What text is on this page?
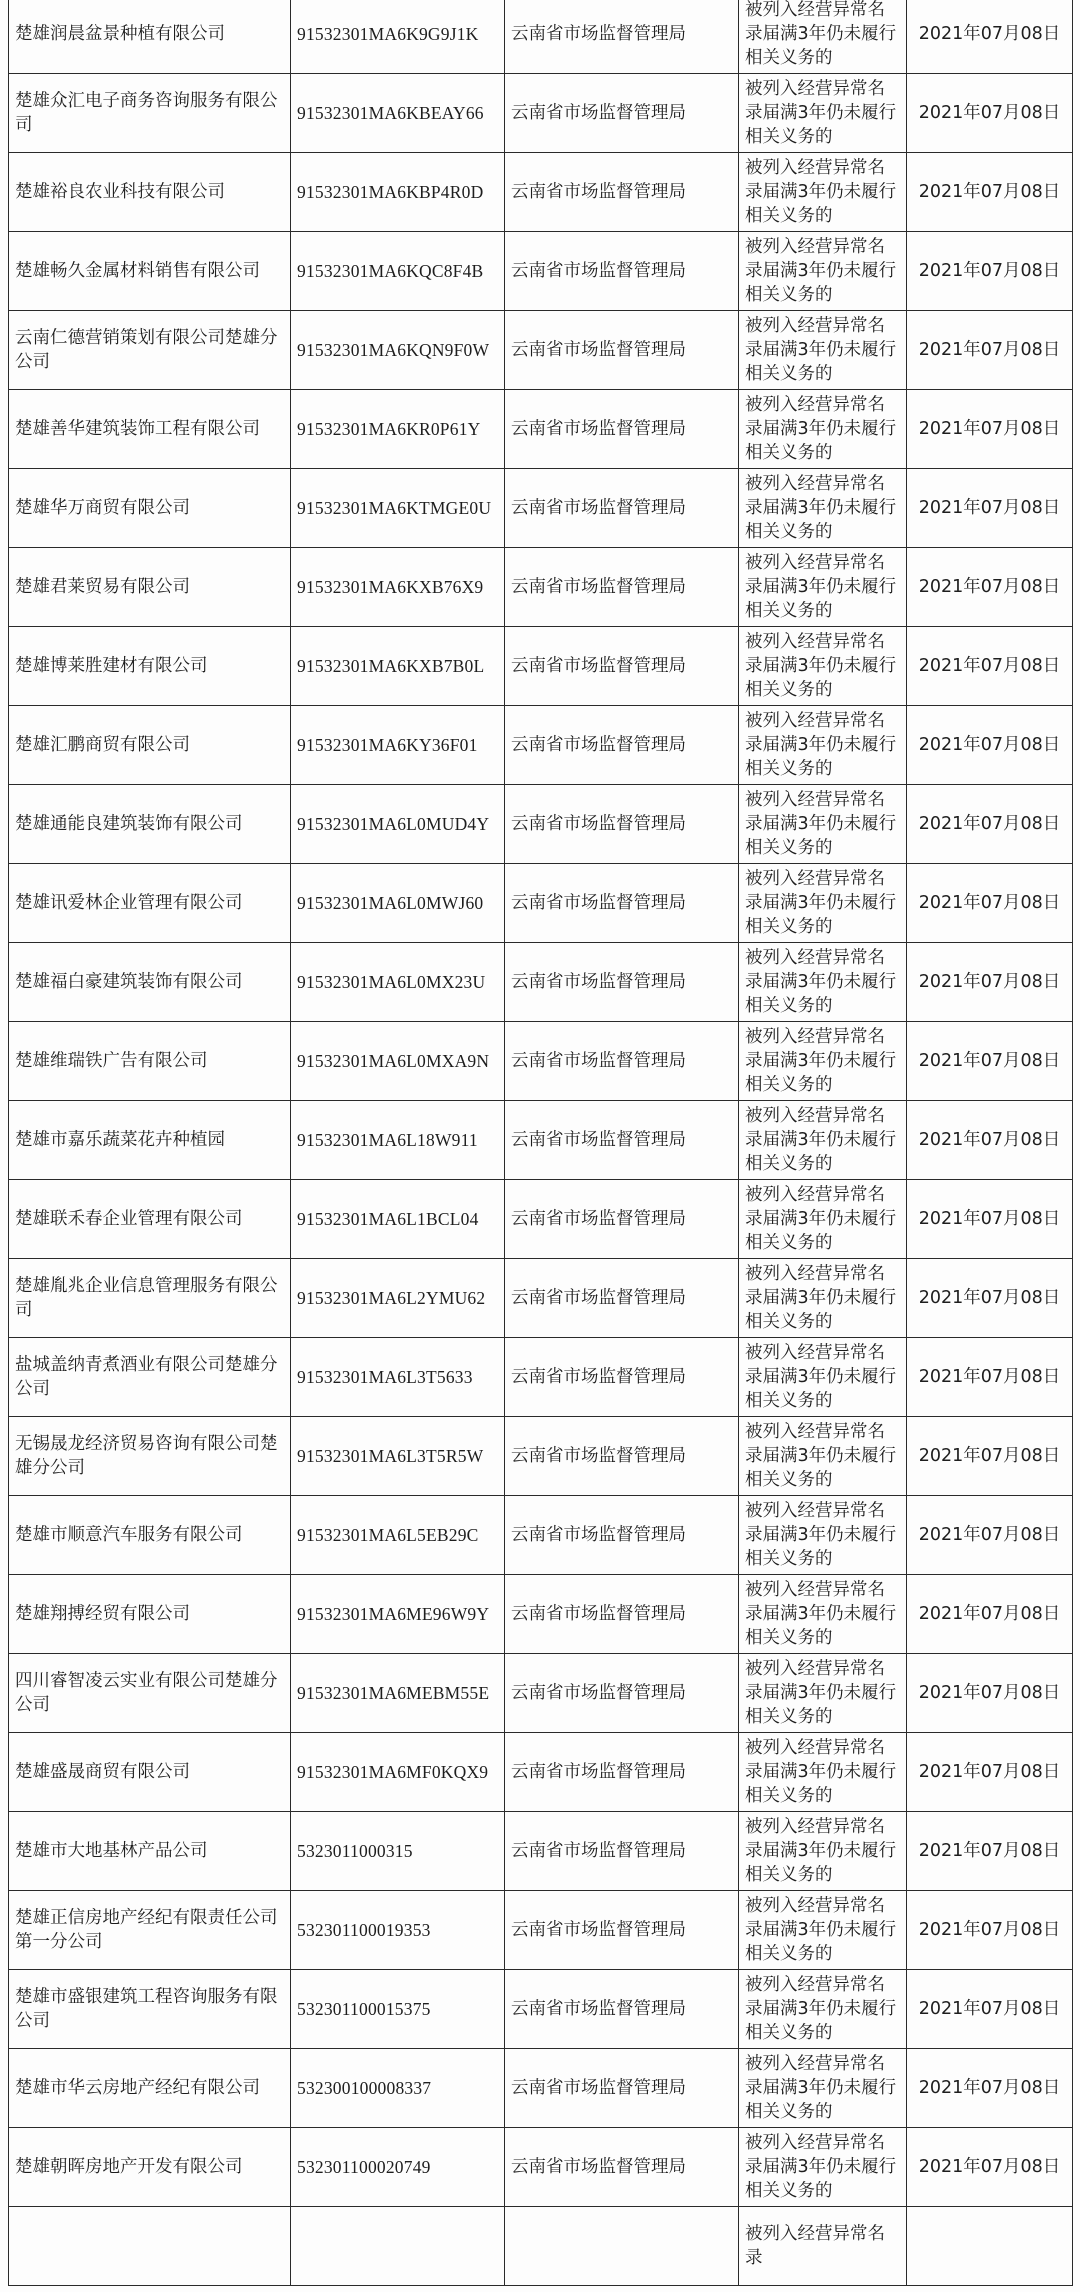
楚雄润晨盆景种植有限公司	91532301MA6K9G9J1K	云南省市场监督管理局	被列入经营异常名录届满3年仍未履行相关义务的	2021年07月08日
楚雄众汇电子商务咨询服务有限公司	91532301MA6KBEAY66	云南省市场监督管理局	被列入经营异常名录届满3年仍未履行相关义务的	2021年07月08日
楚雄裕良农业科技有限公司	91532301MA6KBP4R0D	云南省市场监督管理局	被列入经营异常名录届满3年仍未履行相关义务的	2021年07月08日
楚雄畅久金属材料销售有限公司	91532301MA6KQC8F4B	云南省市场监督管理局	被列入经营异常名录届满3年仍未履行相关义务的	2021年07月08日
云南仁德营销策划有限公司楚雄分公司	91532301MA6KQN9F0W	云南省市场监督管理局	被列入经营异常名录届满3年仍未履行相关义务的	2021年07月08日
楚雄善华建筑装饰工程有限公司	91532301MA6KR0P61Y	云南省市场监督管理局	被列入经营异常名录届满3年仍未履行相关义务的	2021年07月08日
楚雄华万商贸有限公司	91532301MA6KTMGE0U	云南省市场监督管理局	被列入经营异常名录届满3年仍未履行相关义务的	2021年07月08日
楚雄君莱贸易有限公司	91532301MA6KXB76X9	云南省市场监督管理局	被列入经营异常名录届满3年仍未履行相关义务的	2021年07月08日
楚雄博莱胜建材有限公司	91532301MA6KXB7B0L	云南省市场监督管理局	被列入经营异常名录届满3年仍未履行相关义务的	2021年07月08日
楚雄汇鹏商贸有限公司	91532301MA6KY36F01	云南省市场监督管理局	被列入经营异常名录届满3年仍未履行相关义务的	2021年07月08日
楚雄通能良建筑装饰有限公司	91532301MA6L0MUD4Y	云南省市场监督管理局	被列入经营异常名录届满3年仍未履行相关义务的	2021年07月08日
楚雄讯爱林企业管理有限公司	91532301MA6L0MWJ60	云南省市场监督管理局	被列入经营异常名录届满3年仍未履行相关义务的	2021年07月08日
楚雄福白豪建筑装饰有限公司	91532301MA6L0MX23U	云南省市场监督管理局	被列入经营异常名录届满3年仍未履行相关义务的	2021年07月08日
楚雄维瑞铁广告有限公司	91532301MA6L0MXA9N	云南省市场监督管理局	被列入经营异常名录届满3年仍未履行相关义务的	2021年07月08日
楚雄市嘉乐蔬菜花卉种植园	91532301MA6L18W911	云南省市场监督管理局	被列入经营异常名录届满3年仍未履行相关义务的	2021年07月08日
楚雄联禾春企业管理有限公司	91532301MA6L1BCL04	云南省市场监督管理局	被列入经营异常名录届满3年仍未履行相关义务的	2021年07月08日
楚雄胤兆企业信息管理服务有限公司	91532301MA6L2YMU62	云南省市场监督管理局	被列入经营异常名录届满3年仍未履行相关义务的	2021年07月08日
盐城盖纳青煮酒业有限公司楚雄分公司	91532301MA6L3T5633	云南省市场监督管理局	被列入经营异常名录届满3年仍未履行相关义务的	2021年07月08日
无锡晟龙经济贸易咨询有限公司楚雄分公司	91532301MA6L3T5R5W	云南省市场监督管理局	被列入经营异常名录届满3年仍未履行相关义务的	2021年07月08日
楚雄市顺意汽车服务有限公司	91532301MA6L5EB29C	云南省市场监督管理局	被列入经营异常名录届满3年仍未履行相关义务的	2021年07月08日
楚雄翔搏经贸有限公司	91532301MA6ME96W9Y	云南省市场监督管理局	被列入经营异常名录届满3年仍未履行相关义务的	2021年07月08日
四川睿智凌云实业有限公司楚雄分公司	91532301MA6MEBM55E	云南省市场监督管理局	被列入经营异常名录届满3年仍未履行相关义务的	2021年07月08日
楚雄盛晟商贸有限公司	91532301MA6MF0KQX9	云南省市场监督管理局	被列入经营异常名录届满3年仍未履行相关义务的	2021年07月08日
楚雄市大地基林产品公司	5323011000315	云南省市场监督管理局	被列入经营异常名录届满3年仍未履行相关义务的	2021年07月08日
楚雄正信房地产经纪有限责任公司第一分公司	532301100019353	云南省市场监督管理局	被列入经营异常名录届满3年仍未履行相关义务的	2021年07月08日
楚雄市盛银建筑工程咨询服务有限公司	532301100015375	云南省市场监督管理局	被列入经营异常名录届满3年仍未履行相关义务的	2021年07月08日
楚雄市华云房地产经纪有限公司	532300100008337	云南省市场监督管理局	被列入经营异常名录届满3年仍未履行相关义务的	2021年07月08日
楚雄朝晖房地产开发有限公司	532301100020749	云南省市场监督管理局	被列入经营异常名录届满3年仍未履行相关义务的	2021年07月08日
			被列入经营异常名录	
